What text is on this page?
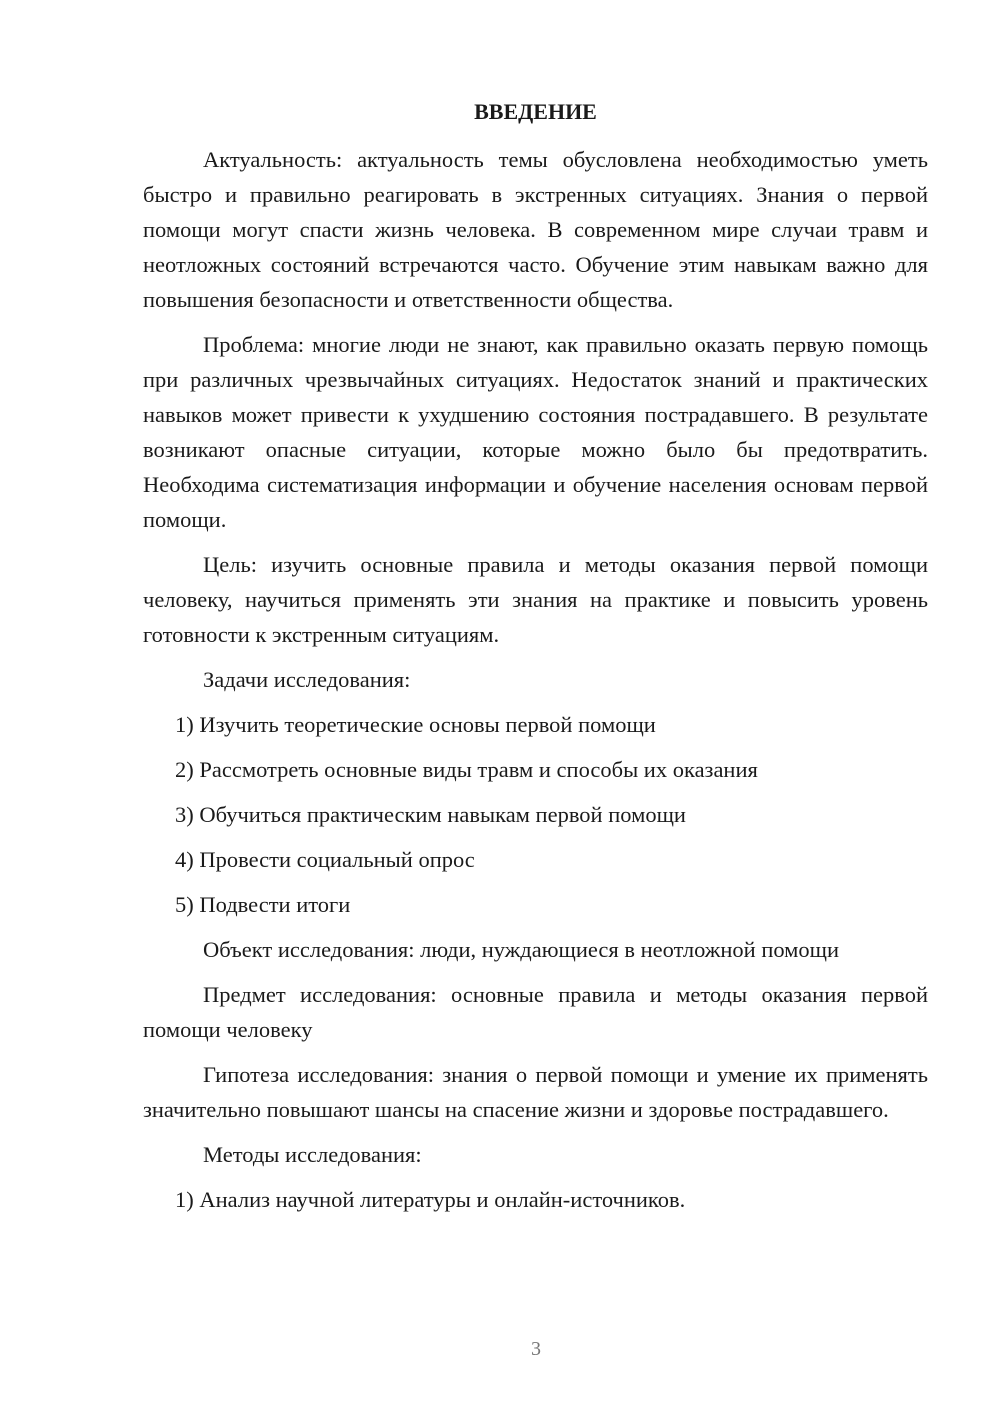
ВВЕДЕНИЕ

Актуальность: актуальность темы обусловлена необходимостью уметь быстро и правильно реагировать в экстренных ситуациях. Знания о первой помощи могут спасти жизнь человека. В современном мире случаи травм и неотложных состояний встречаются часто. Обучение этим навыкам важно для повышения безопасности и ответственности общества.

Проблема: многие люди не знают, как правильно оказать первую помощь при различных чрезвычайных ситуациях. Недостаток знаний и практических навыков может привести к ухудшению состояния пострадавшего. В результате возникают опасные ситуации, которые можно было бы предотвратить. Необходима систематизация информации и обучение населения основам первой помощи.

Цель: изучить основные правила и методы оказания первой помощи человеку, научиться применять эти знания на практике и повысить уровень готовности к экстренным ситуациям.

Задачи исследования:

1) Изучить теоретические основы первой помощи
2) Рассмотреть основные виды травм и способы их оказания
3) Обучиться практическим навыкам первой помощи
4) Провести социальный опрос
5) Подвести итоги

Объект исследования: люди, нуждающиеся в неотложной помощи

Предмет исследования: основные правила и методы оказания первой помощи человеку

Гипотеза исследования: знания о первой помощи и умение их применять значительно повышают шансы на спасение жизни и здоровье пострадавшего.

Методы исследования:

1) Анализ научной литературы и онлайн-источников.
3
